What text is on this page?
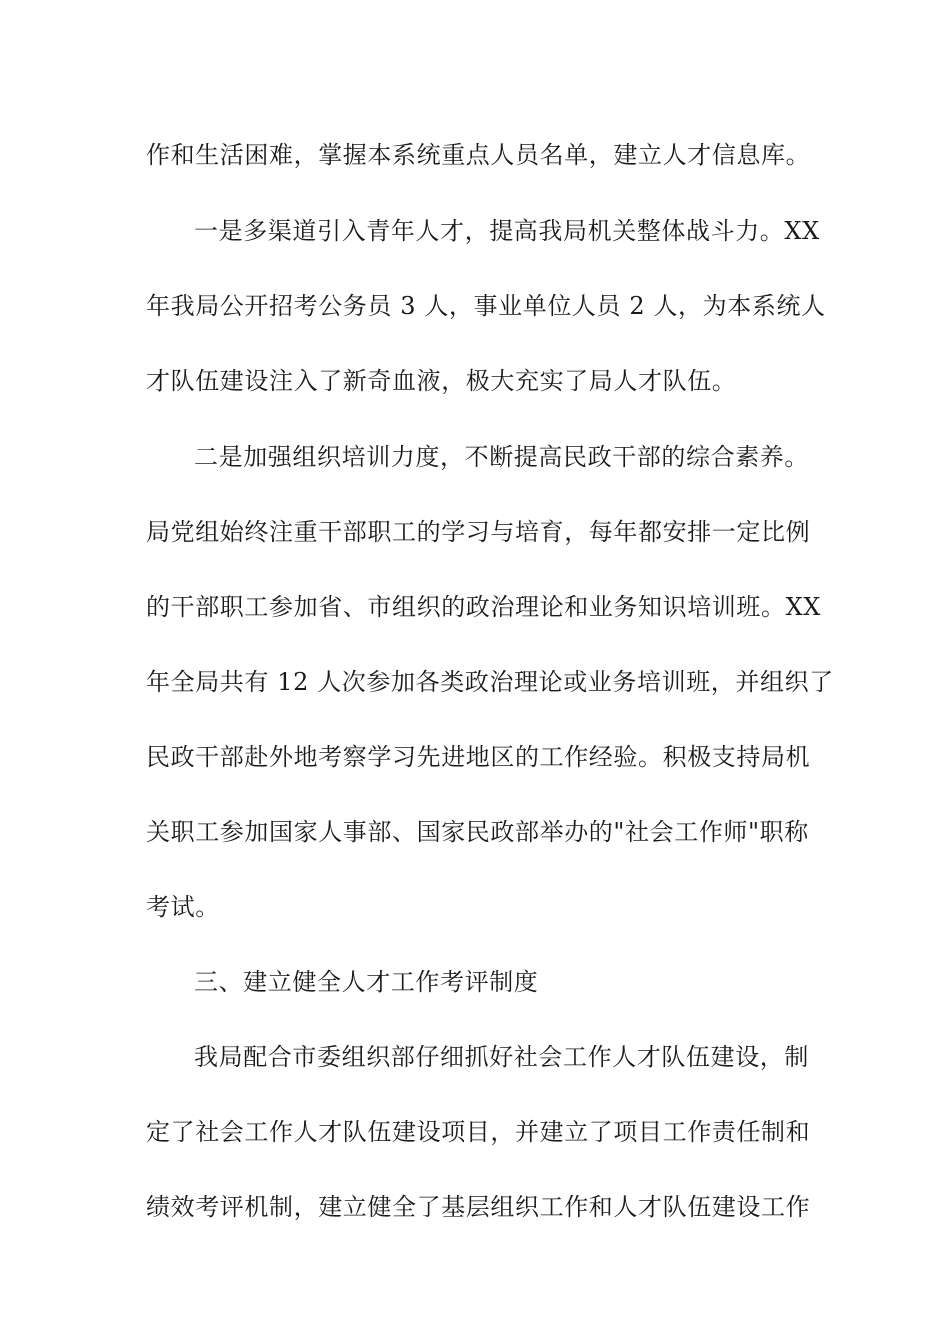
作和生活困难，掌握本系统重点人员名单，建立人才信息库。
一是多渠道引入青年人才，提高我局机关整体战斗力。XX
年我局公开招考公务员 3 人，事业单位人员 2 人，为本系统人
才队伍建设注入了新奇血液，极大充实了局人才队伍。
二是加强组织培训力度，不断提高民政干部的综合素养。
局党组始终注重干部职工的学习与培育，每年都安排一定比例
的干部职工参加省、市组织的政治理论和业务知识培训班。XX
年全局共有 12 人次参加各类政治理论或业务培训班，并组织了
民政干部赴外地考察学习先进地区的工作经验。积极支持局机
关职工参加国家人事部、国家民政部举办的"社会工作师"职称
考试。
三、建立健全人才工作考评制度
我局配合市委组织部仔细抓好社会工作人才队伍建设，制
定了社会工作人才队伍建设项目，并建立了项目工作责任制和
绩效考评机制，建立健全了基层组织工作和人才队伍建设工作
